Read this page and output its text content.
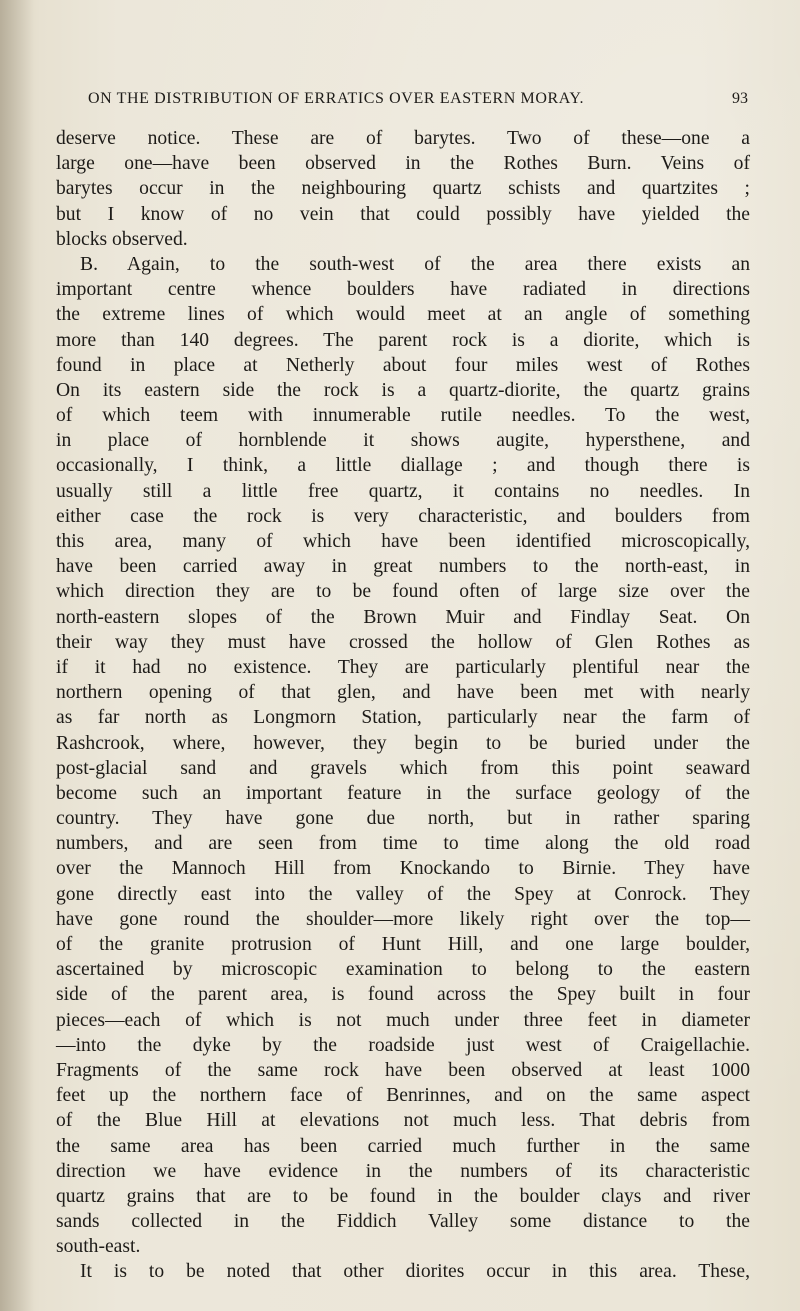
ON THE DISTRIBUTION OF ERRATICS OVER EASTERN MORAY.	93
deserve notice. These are of barytes. Two of these—one a
large one—have been observed in the Rothes Burn. Veins of
barytes occur in the neighbouring quartz schists and quartzites ;
but I know of no vein that could possibly have yielded the
blocks observed.
B. Again, to the south-west of the area there exists an
important centre whence boulders have radiated in directions
the extreme lines of which would meet at an angle of something
more than 140 degrees. The parent rock is a diorite, which is
found in place at Netherly about four miles west of Rothes
On its eastern side the rock is a quartz-diorite, the quartz grains
of which teem with innumerable rutile needles. To the west,
in place of hornblende it shows augite, hypersthene, and
occasionally, I think, a little diallage ; and though there is
usually still a little free quartz, it contains no needles. In
either case the rock is very characteristic, and boulders from
this area, many of which have been identified microscopically,
have been carried away in great numbers to the north-east, in
which direction they are to be found often of large size over the
north-eastern slopes of the Brown Muir and Findlay Seat. On
their way they must have crossed the hollow of Glen Rothes as
if it had no existence. They are particularly plentiful near the
northern opening of that glen, and have been met with nearly
as far north as Longmorn Station, particularly near the farm of
Rashcrook, where, however, they begin to be buried under the
post-glacial sand and gravels which from this point seaward
become such an important feature in the surface geology of the
country. They have gone due north, but in rather sparing
numbers, and are seen from time to time along the old road
over the Mannoch Hill from Knockando to Birnie. They have
gone directly east into the valley of the Spey at Conrock. They
have gone round the shoulder—more likely right over the top—
of the granite protrusion of Hunt Hill, and one large boulder,
ascertained by microscopic examination to belong to the eastern
side of the parent area, is found across the Spey built in four
pieces—each of which is not much under three feet in diameter
—into the dyke by the roadside just west of Craigellachie.
Fragments of the same rock have been observed at least 1000
feet up the northern face of Benrinnes, and on the same aspect
of the Blue Hill at elevations not much less. That debris from
the same area has been carried much further in the same
direction we have evidence in the numbers of its characteristic
quartz grains that are to be found in the boulder clays and river
sands collected in the Fiddich Valley some distance to the
south-east.
It is to be noted that other diorites occur in this area. These,
